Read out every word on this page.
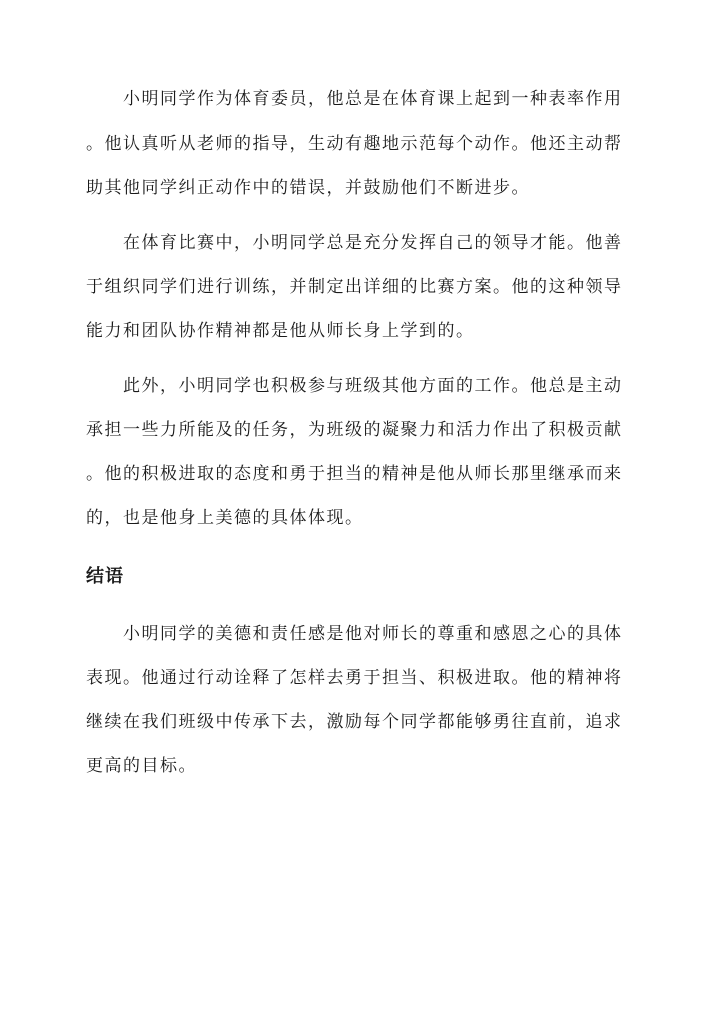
小明同学作为体育委员，他总是在体育课上起到一种表率作用

。他认真听从老师的指导，生动有趣地示范每个动作。他还主动帮

助其他同学纠正动作中的错误，并鼓励他们不断进步。

在体育比赛中，小明同学总是充分发挥自己的领导才能。他善

于组织同学们进行训练，并制定出详细的比赛方案。他的这种领导

能力和团队协作精神都是他从师长身上学到的。

此外，小明同学也积极参与班级其他方面的工作。他总是主动

承担一些力所能及的任务，为班级的凝聚力和活力作出了积极贡献

。他的积极进取的态度和勇于担当的精神是他从师长那里继承而来

的，也是他身上美德的具体体现。

结语

小明同学的美德和责任感是他对师长的尊重和感恩之心的具体

表现。他通过行动诠释了怎样去勇于担当、积极进取。他的精神将

继续在我们班级中传承下去，激励每个同学都能够勇往直前，追求

更高的目标。
